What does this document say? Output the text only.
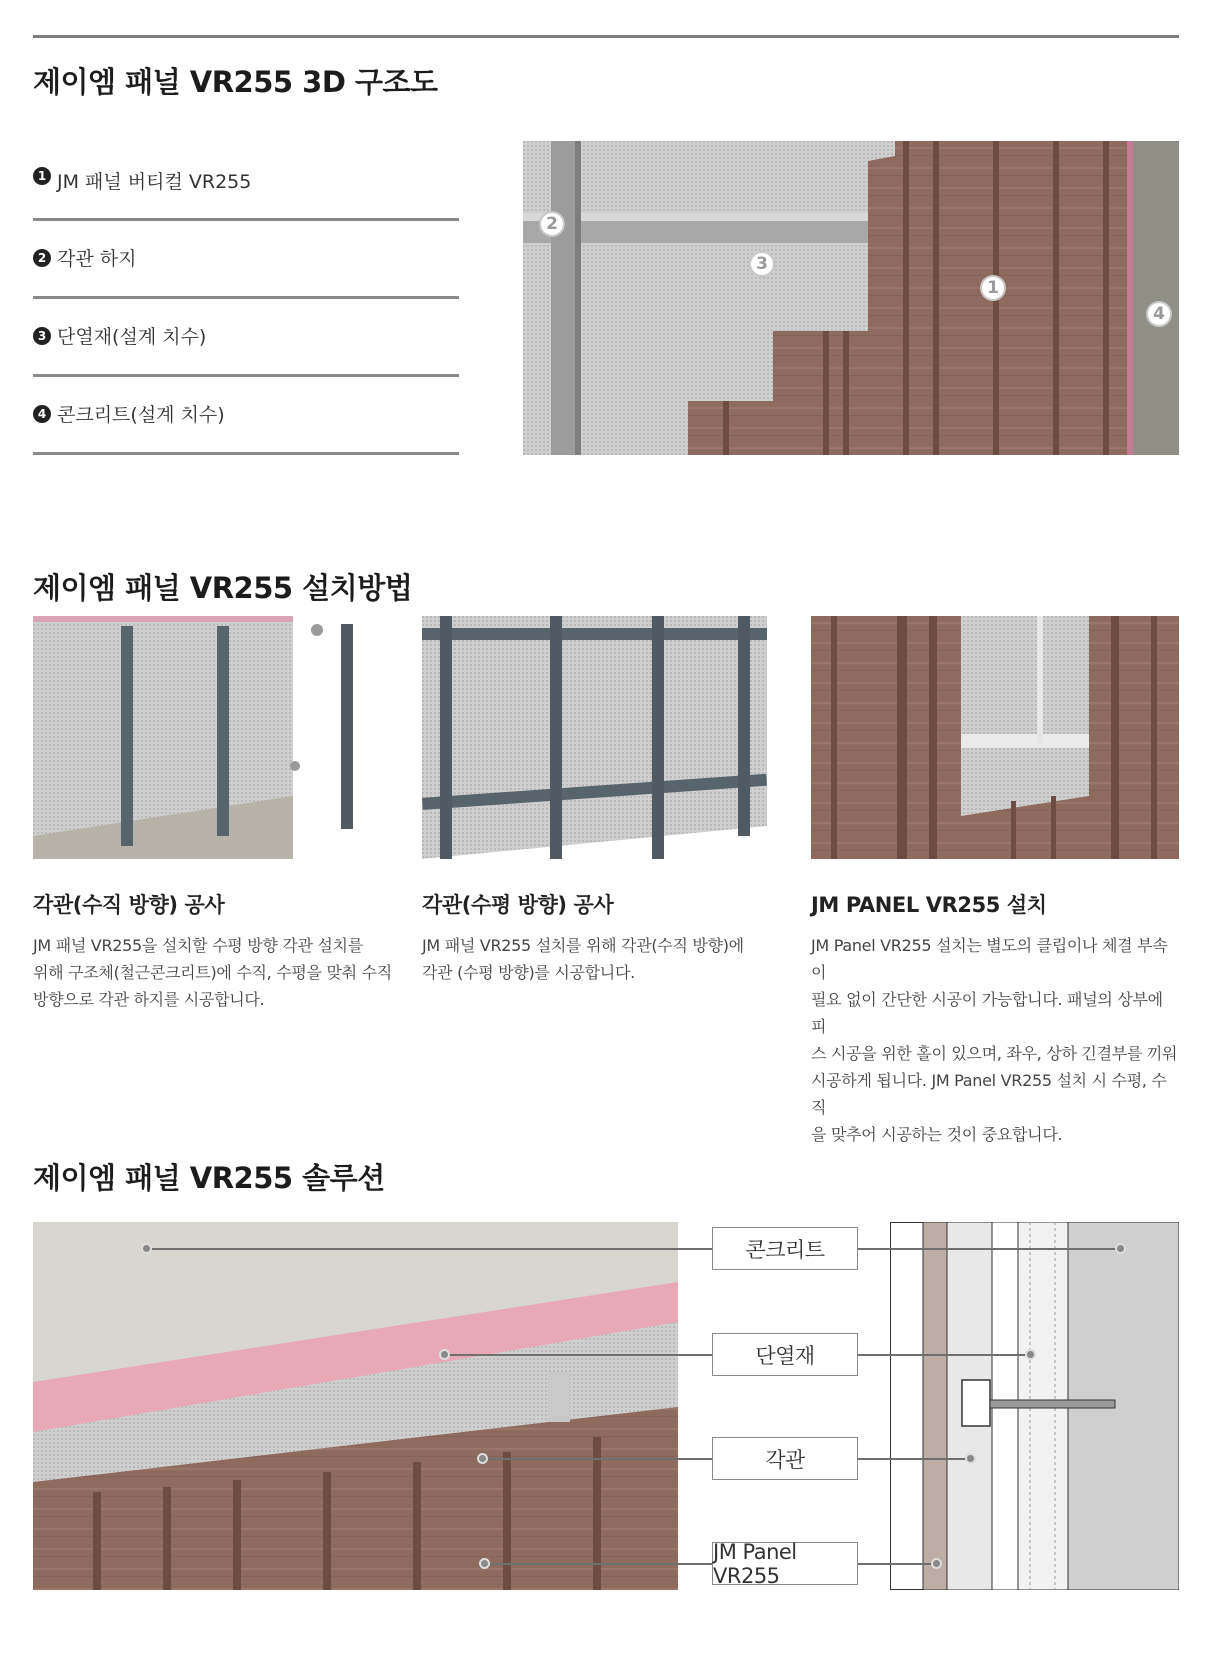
제이엠 패널 VR255 3D 구조도
1 JM 패널 버티컬 VR255
2 각관 하지
3 단열재(설계 치수)
4 콘크리트(설계 치수)
2
3
1
4
제이엠 패널 VR255 설치방법
각관(수직 방향) 공사
JM 패널 VR255을 설치할 수평 방향 각관 설치를
위해 구조체(철근콘크리트)에 수직, 수평을 맞춰 수직
방향으로 각관 하지를 시공합니다.
각관(수평 방향) 공사
JM 패널 VR255 설치를 위해 각관(수직 방향)에
각관 (수평 방향)를 시공합니다.
JM PANEL VR255 설치
JM Panel VR255 설치는 별도의 클립이나 체결 부속이
필요 없이 간단한 시공이 가능합니다. 패널의 상부에 피
스 시공을 위한 홀이 있으며, 좌우, 상하 긴결부를 끼워
시공하게 됩니다. JM Panel VR255 설치 시 수평, 수직
을 맞추어 시공하는 것이 중요합니다.
제이엠 패널 VR255 솔루션
콘크리트
단열재
각관
JM Panel VR255
